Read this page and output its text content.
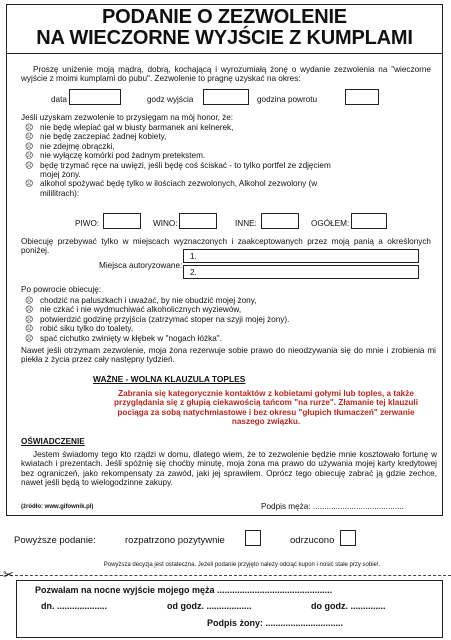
PODANIE O ZEZWOLENIE
NA WIECZORNE WYJŚCIE Z KUMPLAMI
Proszę uniżenie moją mądrą, dobrą, kochającą i wyrozumiałą żonę o wydanie zezwolenia na "wieczorne wyjście z moimi kumplami do pubu". Zezwolenie to pragnę uzyskać na okres:
data	godz wyjścia	godzina powrotu
Jeśli uzyskam zezwolenie to przysięgam na mój honor, że:
☹ nie będę wlepiać gał w biusty barmanek ani kelnerek,
☹ nie będę zaczepiać żadnej kobiety,
☹ nie zdejmę obrączki,
☹ nie wyłączę komórki pod żadnym pretekstem.
☹ będę trzymać ręce na uwięzi, jeśli będę coś ściskać - to tylko portfel ze zdjęciem mojej żony.
☹ alkohol spożywać będę tylko w ilościach zezwolonych, Alkohol zezwolony (w mililitrach):
PIWO:	WINO:	INNE:	OGÓŁEM:
Obiecuję przebywać tylko w miejscach wyznaczonych i zaakceptowanych przez moją panią a określonych poniżej.
Miejsca autoryzowane:
1.
2.
Po powrocie obiecuję:
☹ chodzić na paluszkach i uważać, by nie obudzić mojej żony,
☹ nie czkać i nie wydmuchiwać alkoholicznych wyziewów,
☹ potwierdzić godzinę przyjścia (zatrzymać stoper na szyji mojej żony).
☹ robić siku tylko do toalety,
☹ spać cichutko zwinięty w kłębek w "nogach łóżka".
Nawet jeśli otrzymam zezwolenie, moja żona rezerwuje sobie prawo do nieodzywania się do mnie i zrobienia mi piekła z życia przez cały następny tydzień.
WAŻNE - WOLNA KLAUZULA TOPLES
Zabrania się kategorycznie kontaktów z kobietami gołymi lub toples, a także przyglądania się z głupią ciekawością tańcom "na rurze". Złamanie tej klauzuli pociąga za sobą natychmiastowe i bez okresu "głupich tłumaczeń" zerwanie naszego związku.
OŚWIADCZENIE
Jestem świadomy tego kto rządzi w domu, dlatego wiem, że to zezwolenie będzie mnie kosztowało fortunę w kwiatach i prezentach. Jeśli spóźnię się choćby minutę, moja żona ma prawo do używania mojej karty kredytowej bez ograniczeń, jako rekompensaty za zawód, jaki jej sprawiłem. Oprócz tego obiecuję zabrać ją gdzie zechce, nawet jeśli będą to wielogodzinne zakupy.
(źródło: www.gifownik.pl)	Podpis męża: ........................................
Powyższe podanie:	rozpatrzono pozytywnie	odrzucono
Powyższa decyzja jest ostateczna. Jeżeli podanie przyjęto należy odciąć kupon i nosić stale przy sobie!.
✂
Pozwalam na nocne wyjście mojego męża ..............................................
dn. ....................	od godz. ..................	do godz. ..............
Podpis żony: ...............................
